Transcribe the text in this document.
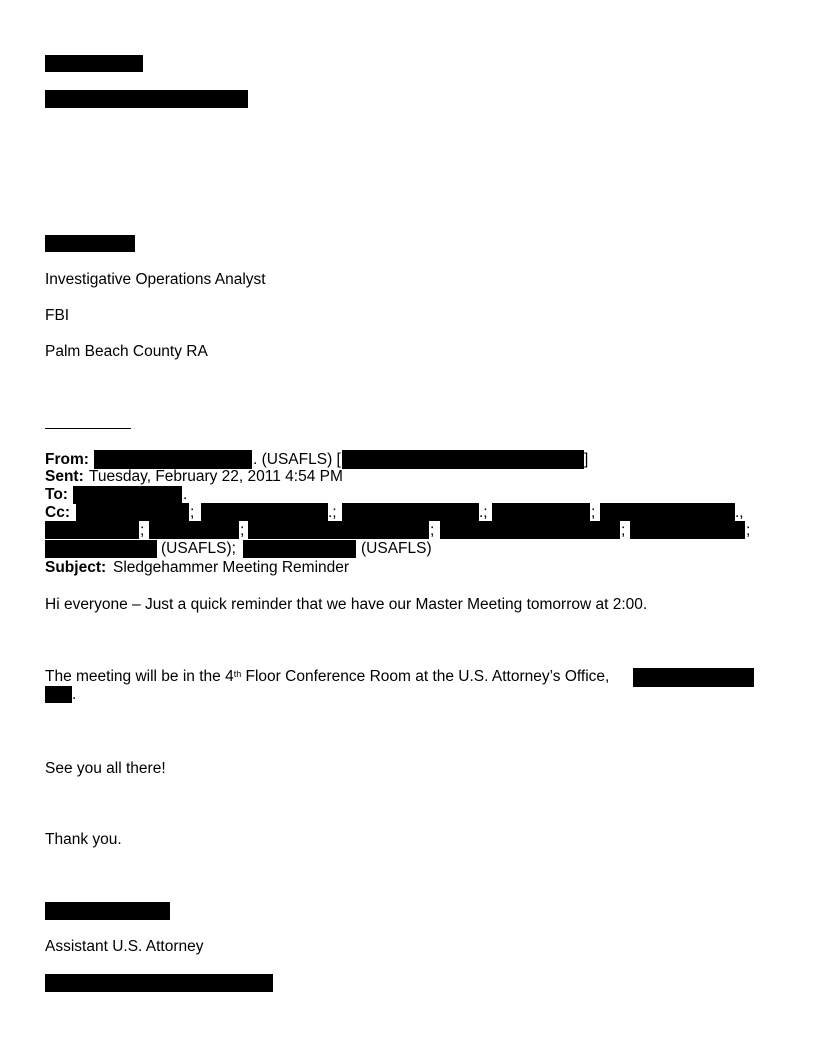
Investigative Operations Analyst
FBI
Palm Beach County RA
From:	. (USAFLS) [	]
Sent: Tuesday, February 22, 2011 4:54 PM
To:	.
Cc:	;	.;	.;	;	.,
;	;	;	;	;
(USAFLS);	(USAFLS)
Subject: Sledgehammer Meeting Reminder
Hi everyone – Just a quick reminder that we have our Master Meeting tomorrow at 2:00.
The meeting will be in the 4th Floor Conference Room at the U.S. Attorney’s Office,
.
See you all there!
Thank you.
Assistant U.S. Attorney
